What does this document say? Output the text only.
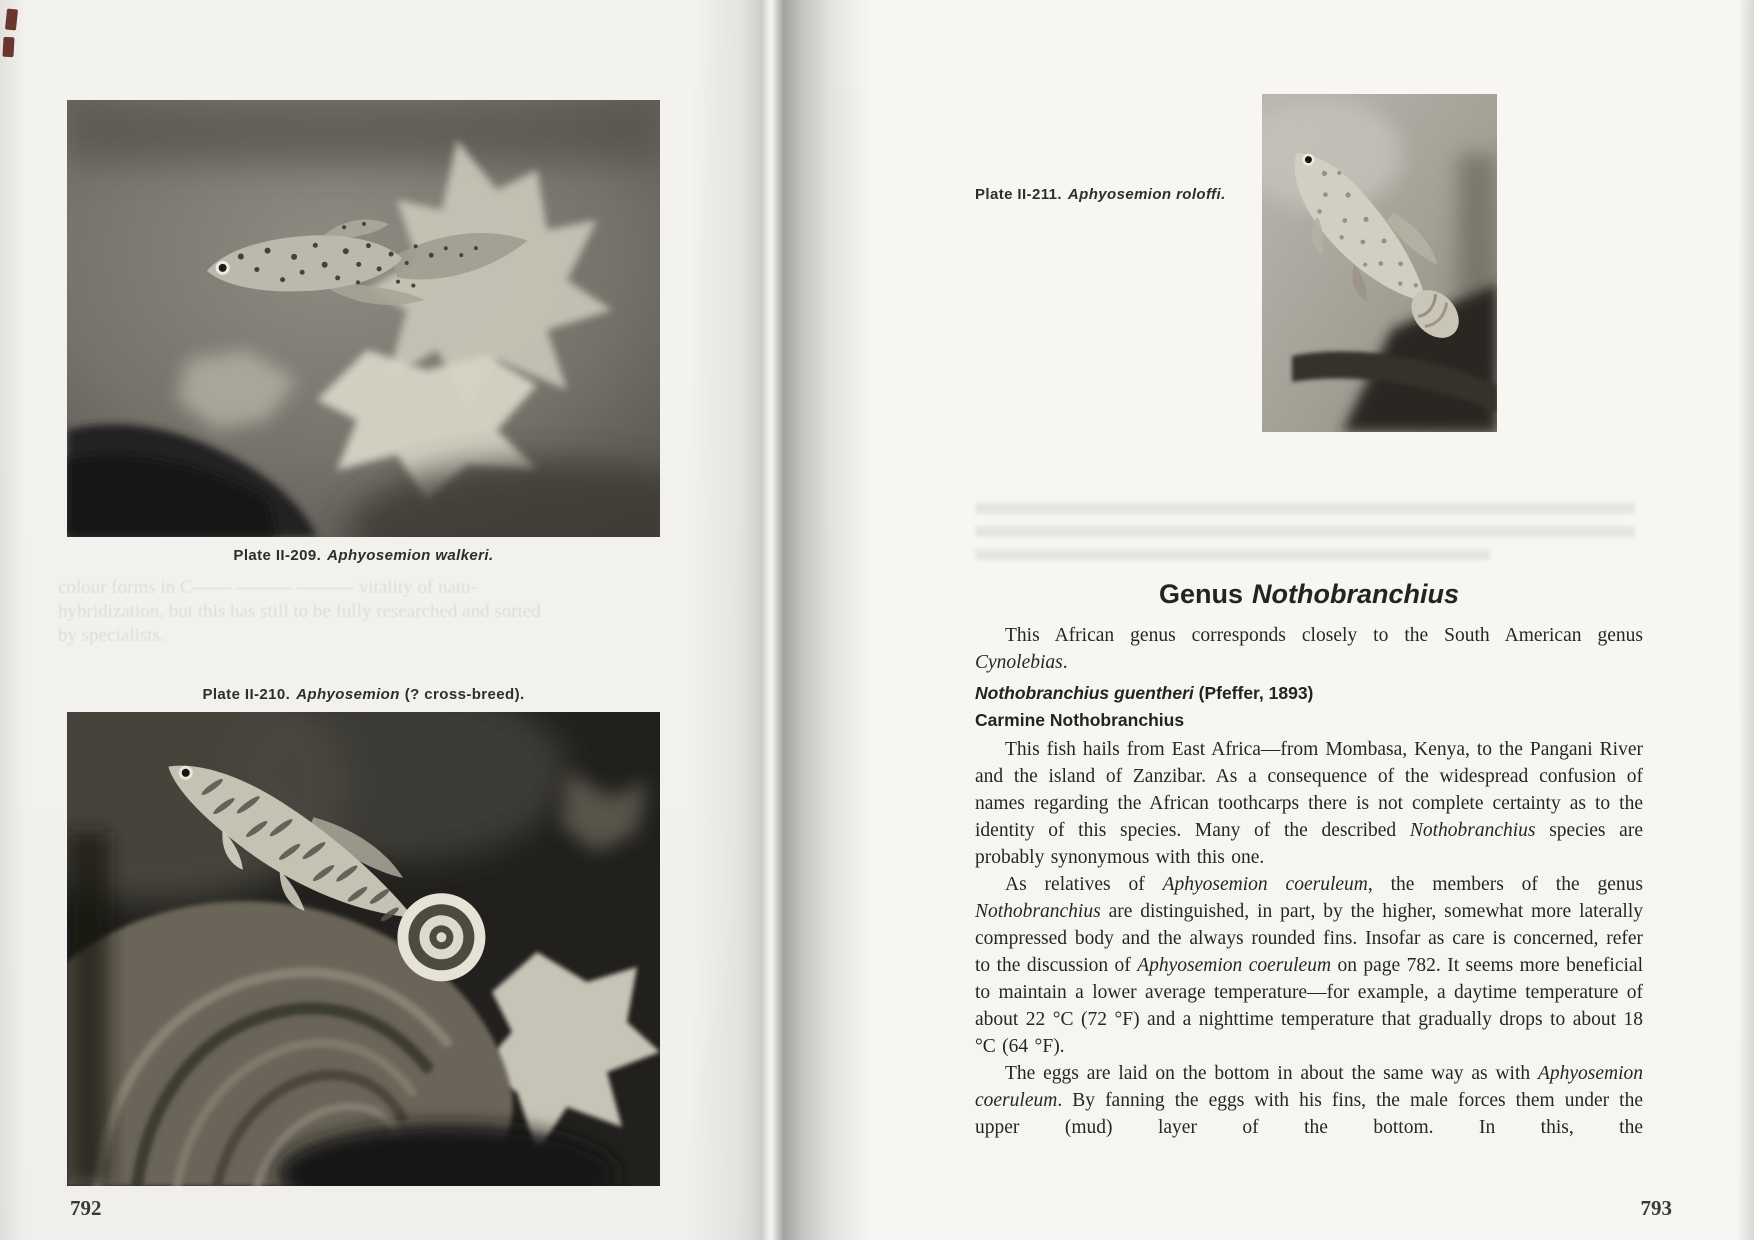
Plate II-209. Aphyosemion walkeri.
colour forms in C—— ——— ——— vitality of natu-
hybridization, but this has still to be fully researched and sorted
by specialists.
Plate II-210. Aphyosemion (? cross-breed).
792
Plate II-211. Aphyosemion roloffi.
Genus Nothobranchius

This African genus corresponds closely to the South American genus Cynolebias.

Nothobranchius guentheri (Pfeffer, 1893)
Carmine Nothobranchius

This fish hails from East Africa—from Mombasa, Kenya, to the Pangani River and the island of Zanzibar. As a consequence of the widespread confusion of names regarding the African toothcarps there is not complete certainty as to the identity of this species. Many of the described Nothobranchius species are probably synonymous with this one.

As relatives of Aphyosemion coeruleum, the members of the genus Nothobranchius are distinguished, in part, by the higher, somewhat more laterally compressed body and the always rounded fins. Insofar as care is concerned, refer to the discussion of Aphyosemion coeruleum on page 782. It seems more beneficial to maintain a lower average temperature—for example, a daytime temperature of about 22 °C (72 °F) and a nighttime temperature that gradually drops to about 18 °C (64 °F).

The eggs are laid on the bottom in about the same way as with Aphyosemion coeruleum. By fanning the eggs with his fins, the male forces them under the upper (mud) layer of the bottom. In this, the

793
